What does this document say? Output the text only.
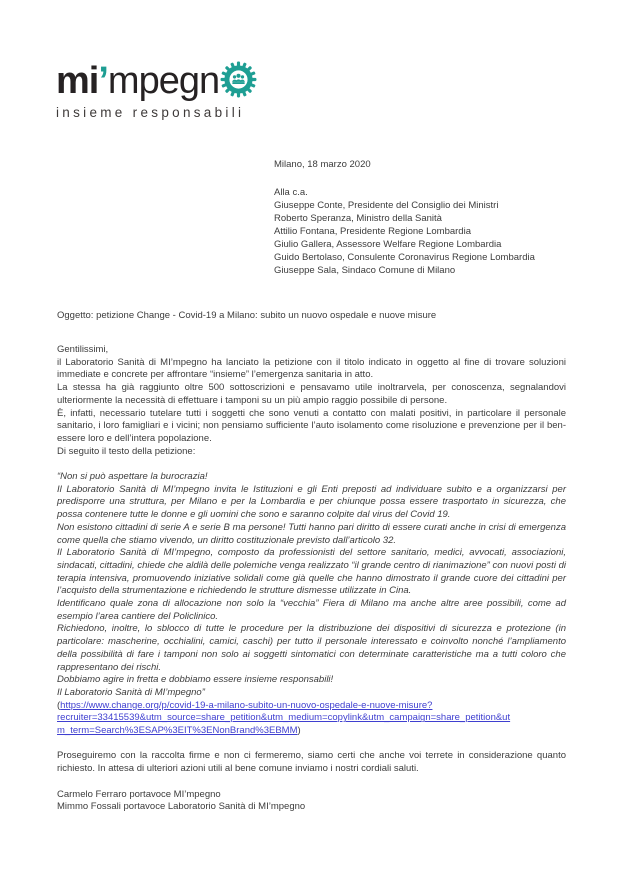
mi’mpegn
insieme responsabili
Milano, 18 marzo 2020
Alla c.a.
Giuseppe Conte, Presidente del Consiglio dei Ministri
Roberto Speranza, Ministro della Sanità
Attilio Fontana, Presidente Regione Lombardia
Giulio Gallera, Assessore Welfare Regione Lombardia
Guido Bertolaso, Consulente Coronavirus Regione Lombardia
Giuseppe Sala, Sindaco Comune di Milano
Oggetto: petizione Change - Covid-19 a Milano: subito un nuovo ospedale e nuove misure
Gentilissimi,
il Laboratorio Sanità di MI’mpegno ha lanciato la petizione con il titolo indicato in oggetto al fine di trovare soluzioni immediate e concrete per affrontare “insieme” l’emergenza sanitaria in atto.
La stessa ha già raggiunto oltre 500 sottoscrizioni e pensavamo utile inoltrarvela, per conoscenza, segnalandovi ulteriormente la necessità di effettuare i tamponi su un più ampio raggio possibile di persone.
È, infatti, necessario tutelare tutti i soggetti che sono venuti a contatto con malati positivi, in particolare il personale sanitario, i loro famigliari e i vicini; non pensiamo sufficiente l’auto isolamento come risoluzione e prevenzione per il ben-essere loro e dell’intera popolazione.
Di seguito il testo della petizione:
“Non si può aspettare la burocrazia!
Il Laboratorio Sanità di MI’mpegno invita le Istituzioni e gli Enti preposti ad individuare subito e a organizzarsi per predisporre una struttura, per Milano e per la Lombardia e per chiunque possa essere trasportato in sicurezza, che possa contenere tutte le donne e gli uomini che sono e saranno colpite dal virus del Covid 19.
Non esistono cittadini di serie A e serie B ma persone! Tutti hanno pari diritto di essere curati anche in crisi di emergenza come quella che stiamo vivendo, un diritto costituzionale previsto dall’articolo 32.
Il Laboratorio Sanità di MI’mpegno, composto da professionisti del settore sanitario, medici, avvocati, associazioni, sindacati, cittadini, chiede che aldilà delle polemiche venga realizzato “il grande centro di rianimazione” con nuovi posti di terapia intensiva, promuovendo iniziative solidali come già quelle che hanno dimostrato il grande cuore dei cittadini per l’acquisto della strumentazione e richiedendo le strutture dismesse utilizzate in Cina.
Identificano quale zona di allocazione non solo la “vecchia” Fiera di Milano ma anche altre aree possibili, come ad esempio l’area cantiere del Policlinico.
Richiedono, inoltre, lo sblocco di tutte le procedure per la distribuzione dei dispositivi di sicurezza e protezione (in particolare: mascherine, occhialini, camici, caschi) per tutto il personale interessato e coinvolto nonché l’ampliamento della possibilità di fare i tamponi non solo ai soggetti sintomatici con determinate caratteristiche ma a tutti coloro che rappresentano dei rischi.
Dobbiamo agire in fretta e dobbiamo essere insieme responsabili!
Il Laboratorio Sanità di MI’mpegno”
(https://www.change.org/p/covid-19-a-milano-subito-un-nuovo-ospedale-e-nuove-misure?
recruiter=33415539&utm_source=share_petition&utm_medium=copylink&utm_campaign=share_petition&ut
m_term=Search%3ESAP%3EIT%3ENonBrand%3EBMM)
Proseguiremo con la raccolta firme e non ci fermeremo, siamo certi che anche voi terrete in considerazione quanto richiesto. In attesa di ulteriori azioni utili al bene comune inviamo i nostri cordiali saluti.
Carmelo Ferraro portavoce MI’mpegno
Mimmo Fossali portavoce Laboratorio Sanità di MI’mpegno
